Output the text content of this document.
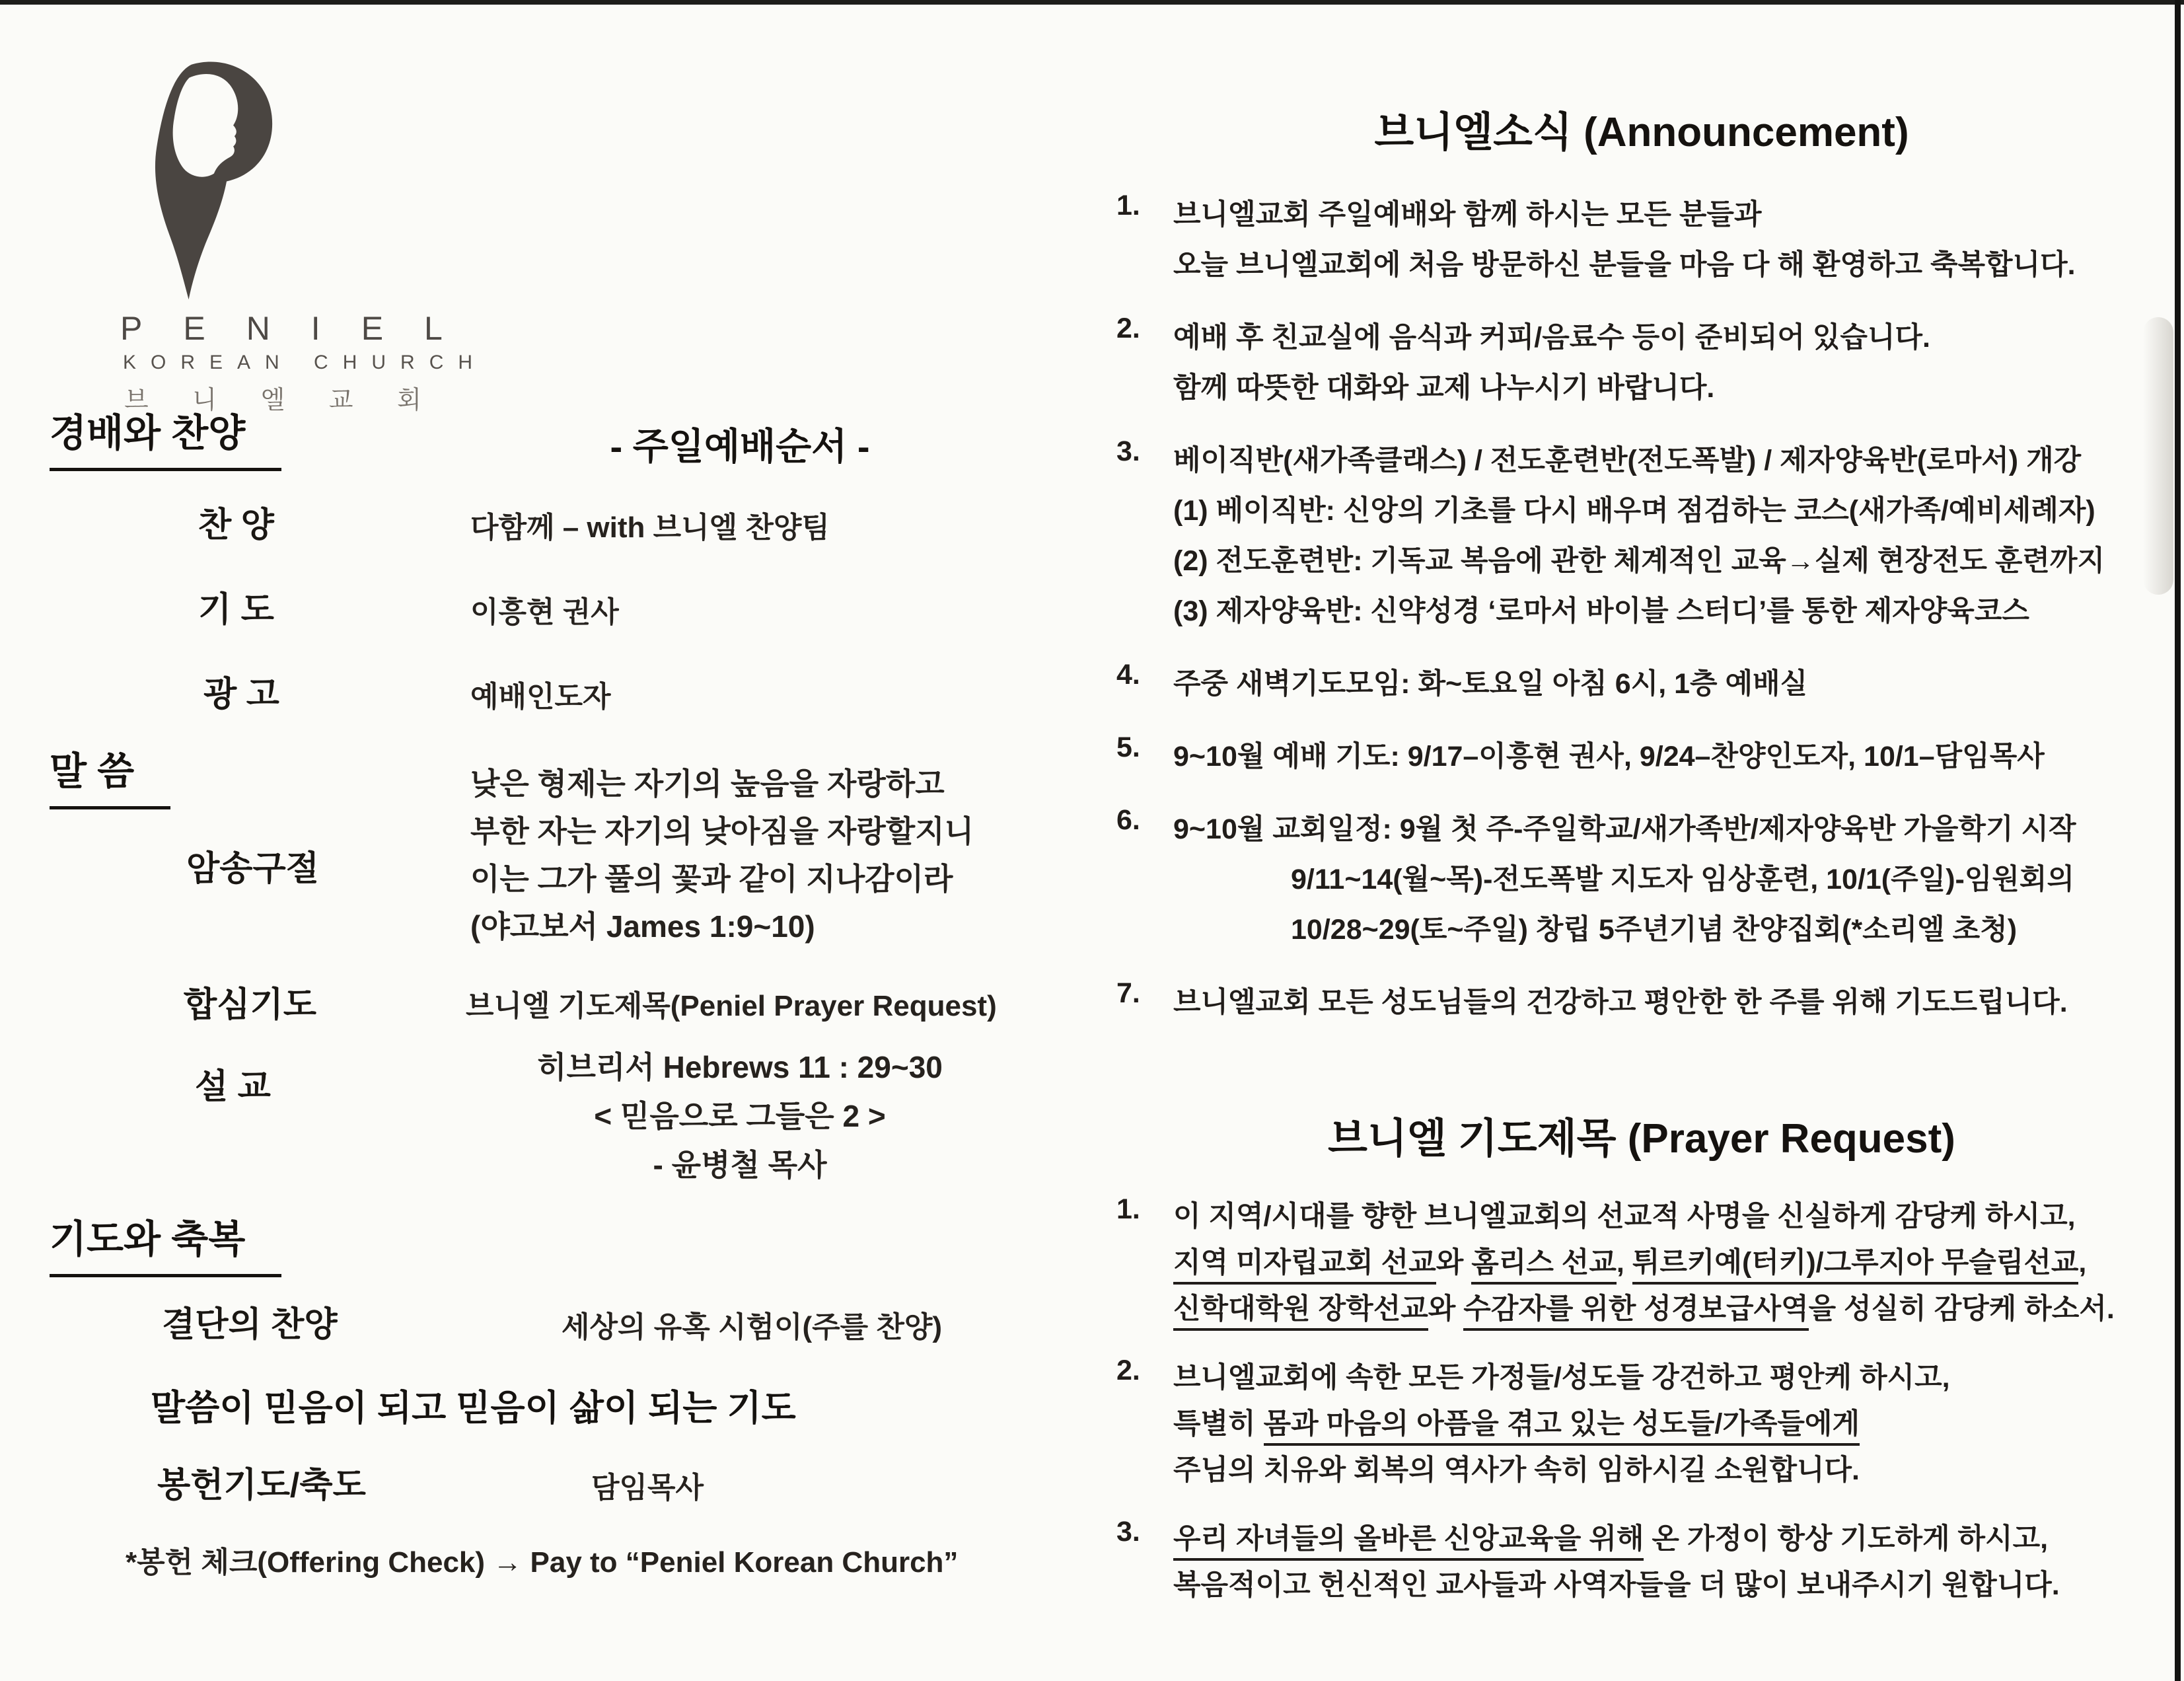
PENIEL
KOREAN CHURCH
브 니 엘 교 회
경배와 찬양
찬 양
기 도
광 고
말 씀
암송구절
합심기도
설 교
기도와 축복
결단의 찬양
말씀이 믿음이 되고 믿음이 삶이 되는 기도
봉헌기도/축도
*봉헌 체크(Offering Check) → Pay to “Peniel Korean Church”
- 주일예배순서 -
다함께 – with 브니엘 찬양팀
이흥현 권사
예배인도자
낮은 형제는 자기의 높음을 자랑하고
부한 자는 자기의 낮아짐을 자랑할지니
이는 그가 풀의 꽃과 같이 지나감이라
(야고보서 James 1:9~10)
브니엘 기도제목(Peniel Prayer Request)
히브리서 Hebrews 11 : 29~30
< 믿음으로 그들은 2 >
- 윤병철 목사
세상의 유혹 시험이(주를 찬양)
담임목사
브니엘소식 (Announcement)
1. 브니엘교회 주일예배와 함께 하시는 모든 분들과
오늘 브니엘교회에 처음 방문하신 분들을 마음 다 해 환영하고 축복합니다.
2. 예배 후 친교실에 음식과 커피/음료수 등이 준비되어 있습니다.
함께 따뜻한 대화와 교제 나누시기 바랍니다.
3. 베이직반(새가족클래스) / 전도훈련반(전도폭발) / 제자양육반(로마서) 개강
(1) 베이직반: 신앙의 기초를 다시 배우며 점검하는 코스(새가족/예비세례자)
(2) 전도훈련반: 기독교 복음에 관한 체계적인 교육→실제 현장전도 훈련까지
(3) 제자양육반: 신약성경 ‘로마서 바이블 스터디’를 통한 제자양육코스
4. 주중 새벽기도모임: 화~토요일 아침 6시, 1층 예배실
5. 9~10월 예배 기도: 9/17–이흥현 권사, 9/24–찬양인도자, 10/1–담임목사
6. 9~10월 교회일정: 9월 첫 주-주일학교/새가족반/제자양육반 가을학기 시작
9/11~14(월~목)-전도폭발 지도자 임상훈련, 10/1(주일)-임원회의
10/28~29(토~주일) 창립 5주년기념 찬양집회(*소리엘 초청)
7. 브니엘교회 모든 성도님들의 건강하고 평안한 한 주를 위해 기도드립니다.
브니엘 기도제목 (Prayer Request)
1. 이 지역/시대를 향한 브니엘교회의 선교적 사명을 신실하게 감당케 하시고,
지역 미자립교회 선교와 홈리스 선교, 튀르키예(터키)/그루지아 무슬림선교,
신학대학원 장학선교와 수감자를 위한 성경보급사역을 성실히 감당케 하소서.
2. 브니엘교회에 속한 모든 가정들/성도들 강건하고 평안케 하시고,
특별히 몸과 마음의 아픔을 겪고 있는 성도들/가족들에게
주님의 치유와 회복의 역사가 속히 임하시길 소원합니다.
3. 우리 자녀들의 올바른 신앙교육을 위해 온 가정이 항상 기도하게 하시고,
복음적이고 헌신적인 교사들과 사역자들을 더 많이 보내주시기 원합니다.
